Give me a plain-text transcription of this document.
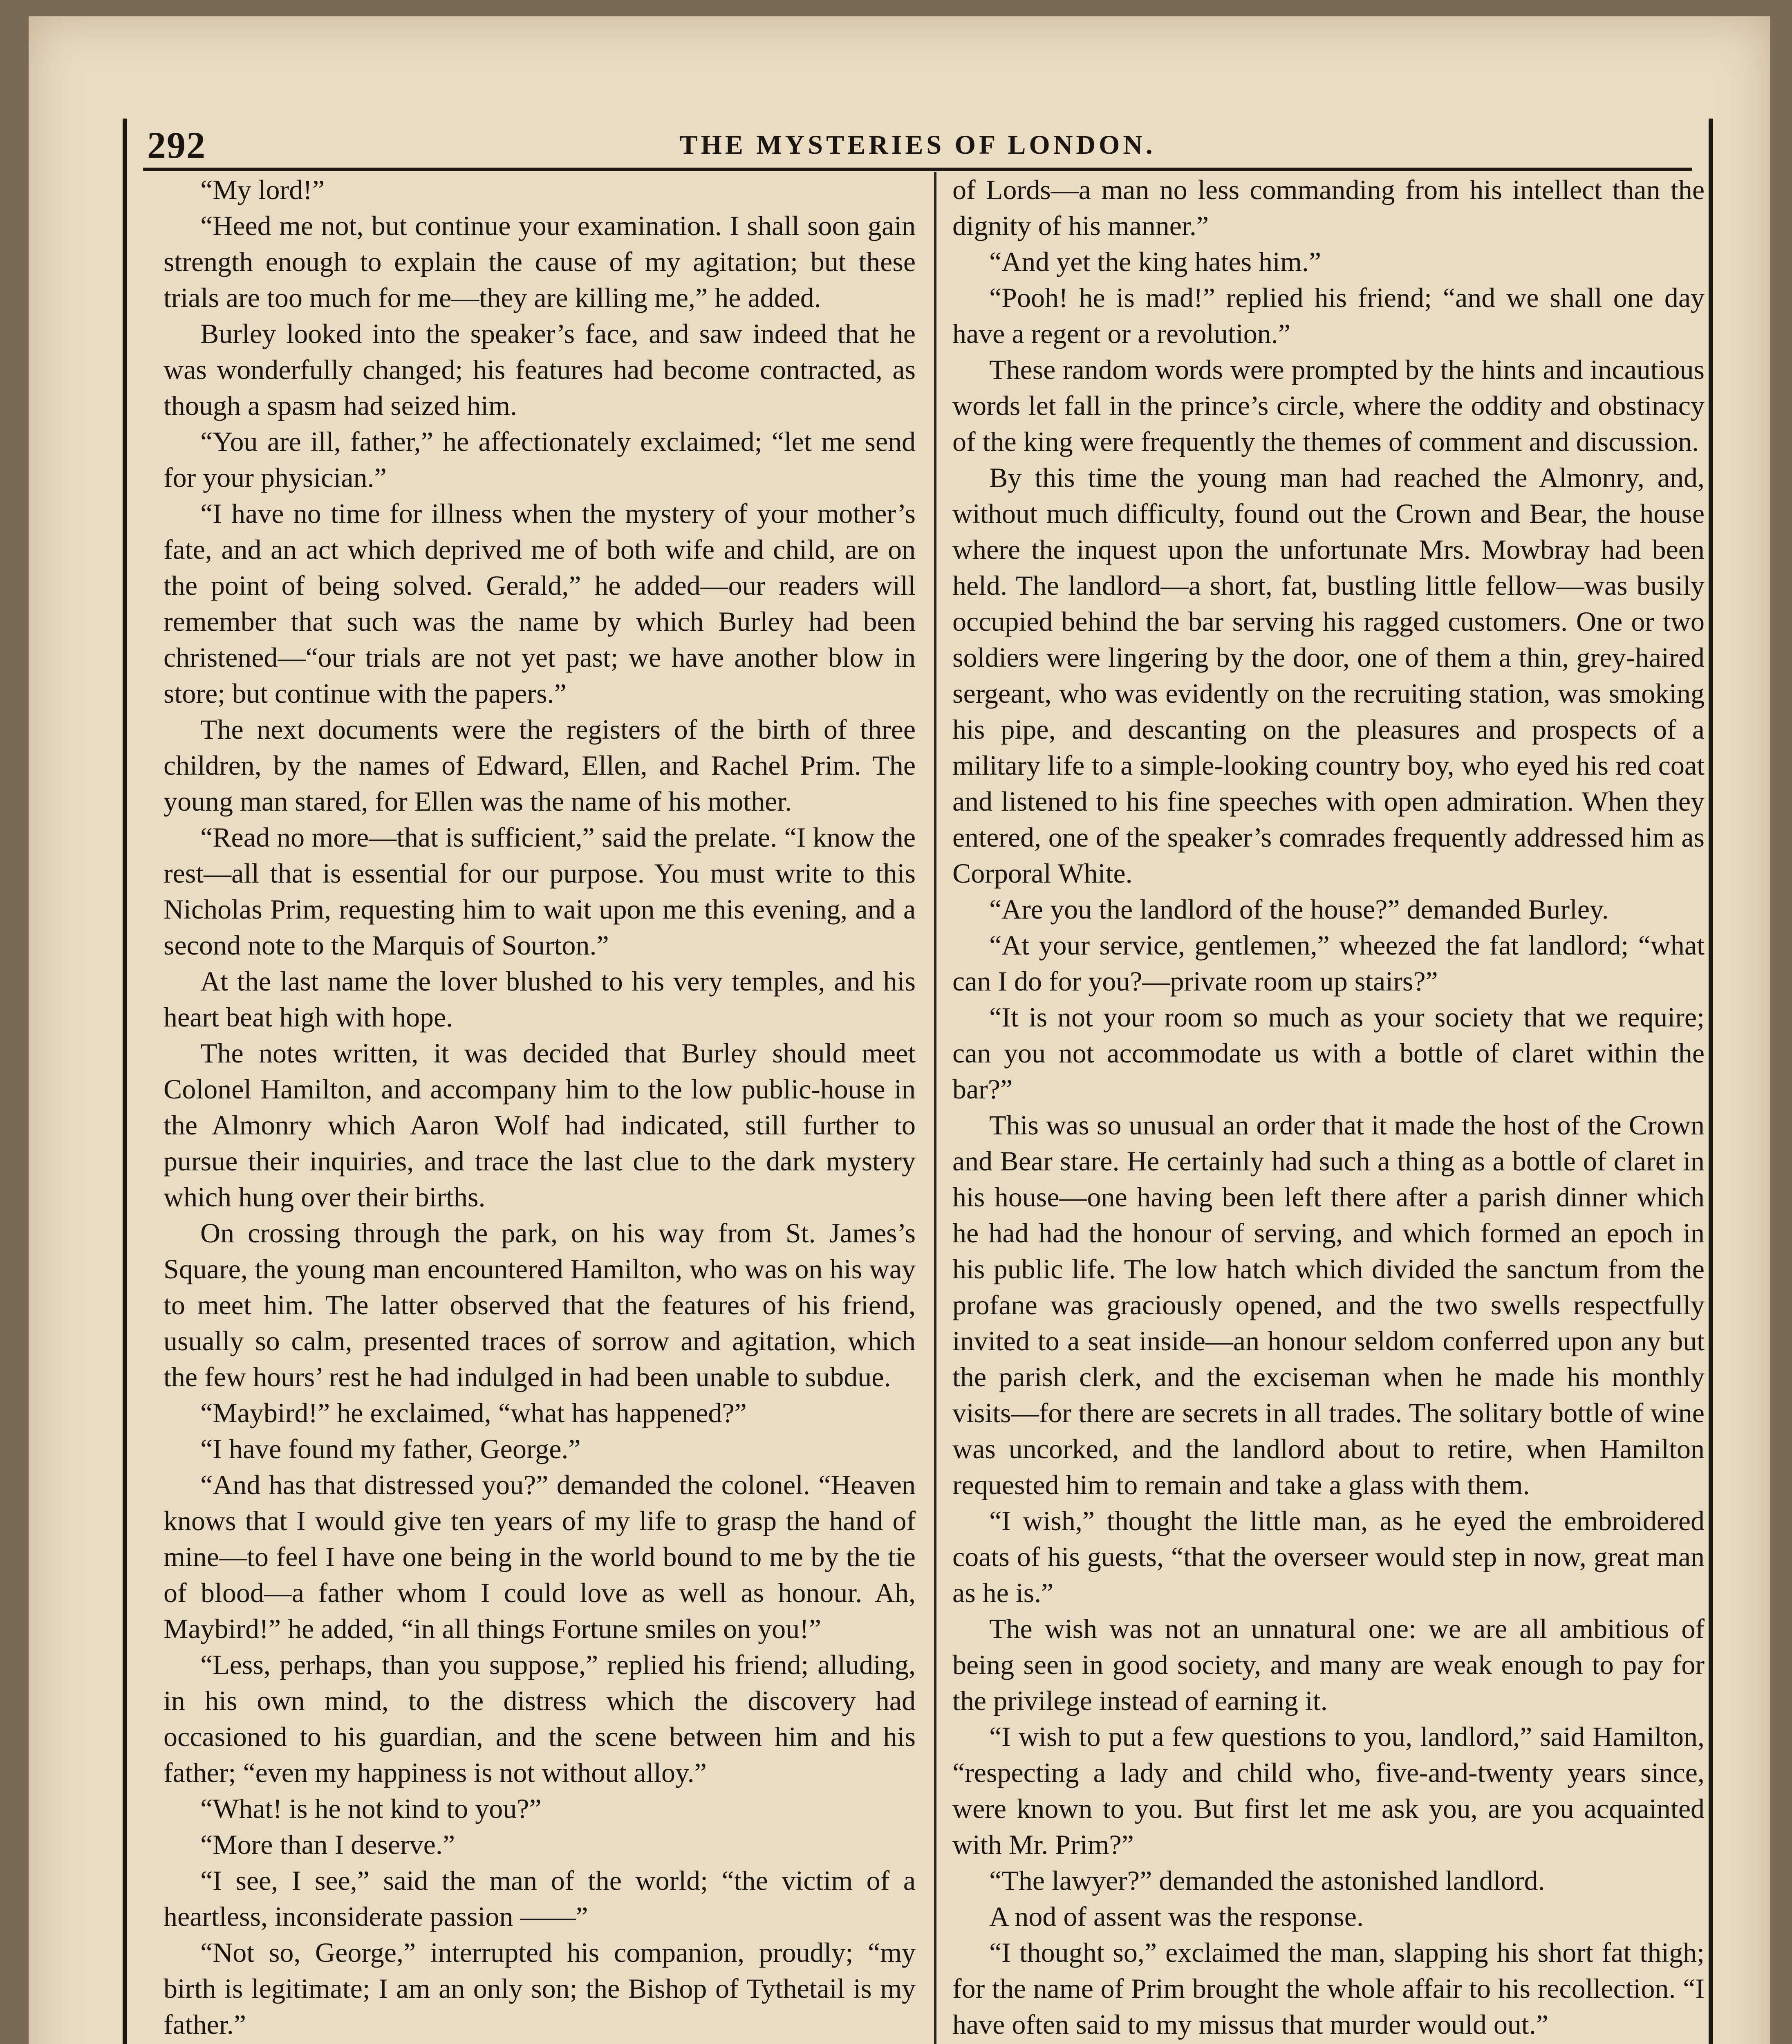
292	THE MYSTERIES OF LONDON.

“My lord!”

“Heed me not, but continue your examination. I shall soon gain strength enough to explain the cause of my agitation; but these trials are too much for me—they are killing me,” he added.

Burley looked into the speaker’s face, and saw indeed that he was wonderfully changed; his features had become contracted, as though a spasm had seized him.

“You are ill, father,” he affectionately exclaimed; “let me send for your physician.”

“I have no time for illness when the mystery of your mother’s fate, and an act which deprived me of both wife and child, are on the point of being solved. Gerald,” he added—our readers will remember that such was the name by which Burley had been christened—“our trials are not yet past; we have another blow in store; but continue with the papers.”

The next documents were the registers of the birth of three children, by the names of Edward, Ellen, and Rachel Prim. The young man stared, for Ellen was the name of his mother.

“Read no more—that is sufficient,” said the prelate. “I know the rest—all that is essential for our purpose. You must write to this Nicholas Prim, requesting him to wait upon me this evening, and a second note to the Marquis of Sourton.”

At the last name the lover blushed to his very temples, and his heart beat high with hope.

The notes written, it was decided that Burley should meet Colonel Hamilton, and accompany him to the low public-house in the Almonry which Aaron Wolf had indicated, still further to pursue their inquiries, and trace the last clue to the dark mystery which hung over their births.

On crossing through the park, on his way from St. James’s Square, the young man encountered Hamilton, who was on his way to meet him. The latter observed that the features of his friend, usually so calm, presented traces of sorrow and agitation, which the few hours’ rest he had indulged in had been unable to subdue.

“Maybird!” he exclaimed, “what has happened?”

“I have found my father, George.”

“And has that distressed you?” demanded the colonel. “Heaven knows that I would give ten years of my life to grasp the hand of mine—to feel I have one being in the world bound to me by the tie of blood—a father whom I could love as well as honour. Ah, Maybird!” he added, “in all things Fortune smiles on you!”

“Less, perhaps, than you suppose,” replied his friend; alluding, in his own mind, to the distress which the discovery had occasioned to his guardian, and the scene between him and his father; “even my happiness is not without alloy.”

“What! is he not kind to you?”

“More than I deserve.”

“I see, I see,” said the man of the world; “the victim of a heartless, inconsiderate passion ——”

“Not so, George,” interrupted his companion, proudly; “my birth is legitimate; I am an only son; the Bishop of Tythetail is my father.”

of Lords—a man no less commanding from his intellect than the dignity of his manner.”

“And yet the king hates him.”

“Pooh! he is mad!” replied his friend; “and we shall one day have a regent or a revolution.”

These random words were prompted by the hints and incautious words let fall in the prince’s circle, where the oddity and obstinacy of the king were frequently the themes of comment and discussion.

By this time the young man had reached the Almonry, and, without much difficulty, found out the Crown and Bear, the house where the inquest upon the unfortunate Mrs. Mowbray had been held. The landlord—a short, fat, bustling little fellow—was busily occupied behind the bar serving his ragged customers. One or two soldiers were lingering by the door, one of them a thin, grey-haired sergeant, who was evidently on the recruiting station, was smoking his pipe, and descanting on the pleasures and prospects of a military life to a simple-looking country boy, who eyed his red coat and listened to his fine speeches with open admiration. When they entered, one of the speaker’s comrades frequently addressed him as Corporal White.

“Are you the landlord of the house?” demanded Burley.

“At your service, gentlemen,” wheezed the fat landlord; “what can I do for you?—private room up stairs?”

“It is not your room so much as your society that we require; can you not accommodate us with a bottle of claret within the bar?”

This was so unusual an order that it made the host of the Crown and Bear stare. He certainly had such a thing as a bottle of claret in his house—one having been left there after a parish dinner which he had had the honour of serving, and which formed an epoch in his public life. The low hatch which divided the sanctum from the profane was graciously opened, and the two swells respectfully invited to a seat inside—an honour seldom conferred upon any but the parish clerk, and the exciseman when he made his monthly visits—for there are secrets in all trades. The solitary bottle of wine was uncorked, and the landlord about to retire, when Hamilton requested him to remain and take a glass with them.

“I wish,” thought the little man, as he eyed the embroidered coats of his guests, “that the overseer would step in now, great man as he is.”

The wish was not an unnatural one: we are all ambitious of being seen in good society, and many are weak enough to pay for the privilege instead of earning it.

“I wish to put a few questions to you, landlord,” said Hamilton, “respecting a lady and child who, five-and-twenty years since, were known to you. But first let me ask you, are you acquainted with Mr. Prim?”

“The lawyer?” demanded the astonished landlord.

A nod of assent was the response.

“I thought so,” exclaimed the man, slapping his short fat thigh; for the name of Prim brought the whole affair to his recollection. “I have often said to my missus that murder would out.”
